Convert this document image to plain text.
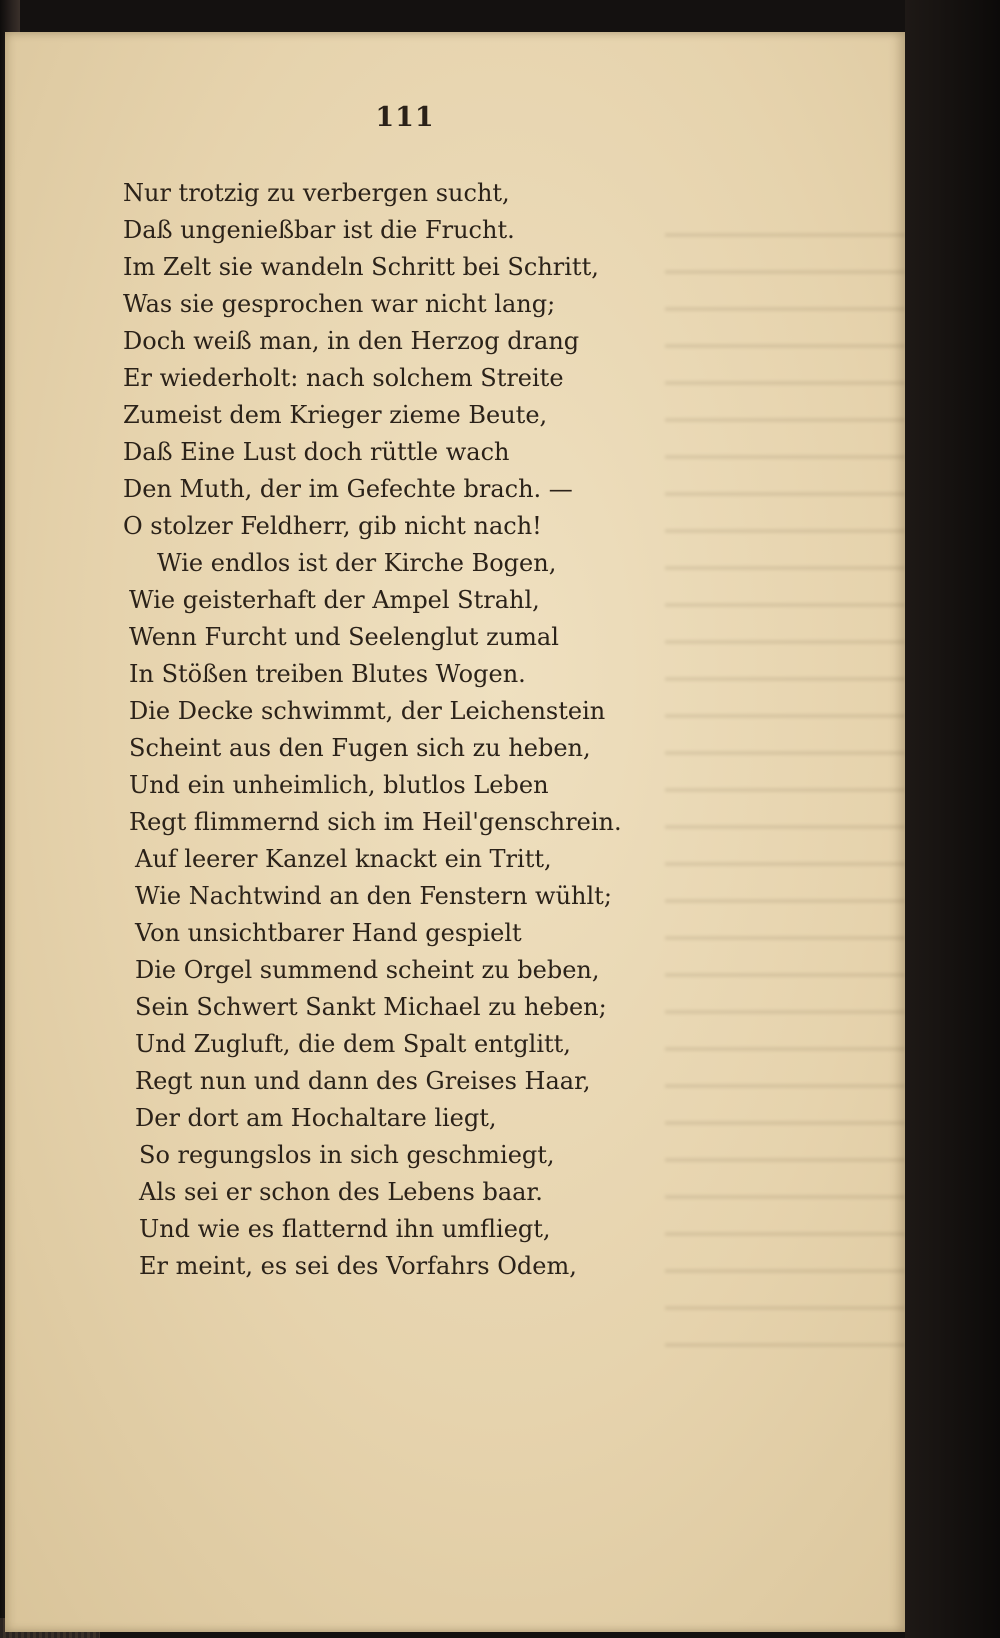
111
Nur trotzig zu verbergen sucht,
Daß ungenießbar ist die Frucht.
Im Zelt sie wandeln Schritt bei Schritt,
Was sie gesprochen war nicht lang;
Doch weiß man, in den Herzog drang
Er wiederholt: nach solchem Streite
Zumeist dem Krieger zieme Beute,
Daß Eine Lust doch rüttle wach
Den Muth, der im Gefechte brach. —
O stolzer Feldherr, gib nicht nach!
Wie endlos ist der Kirche Bogen,
Wie geisterhaft der Ampel Strahl,
Wenn Furcht und Seelenglut zumal
In Stößen treiben Blutes Wogen.
Die Decke schwimmt, der Leichenstein
Scheint aus den Fugen sich zu heben,
Und ein unheimlich, blutlos Leben
Regt flimmernd sich im Heil'genschrein.
Auf leerer Kanzel knackt ein Tritt,
Wie Nachtwind an den Fenstern wühlt;
Von unsichtbarer Hand gespielt
Die Orgel summend scheint zu beben,
Sein Schwert Sankt Michael zu heben;
Und Zugluft, die dem Spalt entglitt,
Regt nun und dann des Greises Haar,
Der dort am Hochaltare liegt,
So regungslos in sich geschmiegt,
Als sei er schon des Lebens baar.
Und wie es flatternd ihn umfliegt,
Er meint, es sei des Vorfahrs Odem,
